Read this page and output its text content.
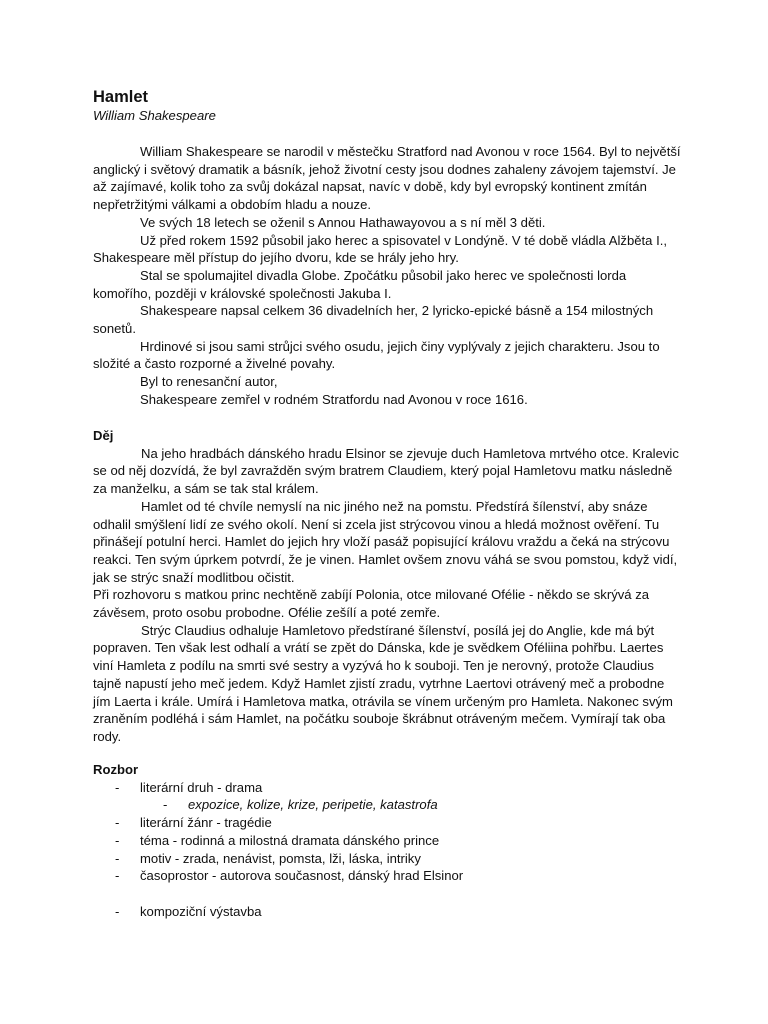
Hamlet
William Shakespeare

William Shakespeare se narodil v městečku Stratford nad Avonou v roce 1564. Byl to největší anglický i světový dramatik a básník, jehož životní cesty jsou dodnes zahaleny závojem tajemství. Je až zajímavé, kolik toho za svůj dokázal napsat, navíc v době, kdy byl evropský kontinent zmítán nepřetržitými válkami a obdobím hladu a nouze.

Ve svých 18 letech se oženil s Annou Hathawayovou a s ní měl 3 děti.

Už před rokem 1592 působil jako herec a spisovatel v Londýně. V té době vládla Alžběta I., Shakespeare měl přístup do jejího dvoru, kde se hrály jeho hry.

Stal se spolumajitel divadla Globe. Zpočátku působil jako herec ve společnosti lorda komořího, později v královské společnosti Jakuba I.

Shakespeare napsal celkem 36 divadelních her, 2 lyricko-epické básně a 154 milostných sonetů.

Hrdinové si jsou sami strůjci svého osudu, jejich činy vyplývaly z jejich charakteru. Jsou to složité a často rozporné a živelné povahy.

Byl to renesanční autor,

Shakespeare zemřel v rodném Stratfordu nad Avonou v roce 1616.

Děj

Na jeho hradbách dánského hradu Elsinor se zjevuje duch Hamletova mrtvého otce. Kralevic se od něj dozvídá, že byl zavražděn svým bratrem Claudiem, který pojal Hamletovu matku následně za manželku, a sám se tak stal králem.

Hamlet od té chvíle nemyslí na nic jiného než na pomstu. Předstírá šílenství, aby snáze odhalil smýšlení lidí ze svého okolí. Není si zcela jist strýcovou vinou a hledá možnost ověření. Tu přinášejí potulní herci. Hamlet do jejich hry vloží pasáž popisující královu vraždu a čeká na strýcovu reakci. Ten svým úprkem potvrdí, že je vinen. Hamlet ovšem znovu váhá se svou pomstou, když vidí, jak se strýc snaží modlitbou očistit.

Při rozhovoru s matkou princ nechtěně zabíjí Polonia, otce milované Ofélie - někdo se skrývá za závěsem, proto osobu probodne. Ofélie zešílí a poté zemře.

Strýc Claudius odhaluje Hamletovo předstírané šílenství, posílá jej do Anglie, kde má být popraven. Ten však lest odhalí a vrátí se zpět do Dánska, kde je svědkem Oféliina pohřbu. Laertes viní Hamleta z podílu na smrti své sestry a vyzývá ho k souboji. Ten je nerovný, protože Claudius tajně napustí jeho meč jedem. Když Hamlet zjistí zradu, vytrhne Laertovi otrávený meč a probodne jím Laerta i krále. Umírá i Hamletova matka, otrávila se vínem určeným pro Hamleta. Nakonec svým zraněním podléhá i sám Hamlet, na počátku souboje škrábnut otráveným mečem. Vymírají tak oba rody.

Rozbor
- literární druh - drama
- expozice, kolize, krize, peripetie, katastrofa
- literární žánr - tragédie
- téma - rodinná a milostná dramata dánského prince
- motiv - zrada, nenávist, pomsta, lži, láska, intriky
- časoprostor - autorova současnost, dánský hrad Elsinor
- kompoziční výstavba
